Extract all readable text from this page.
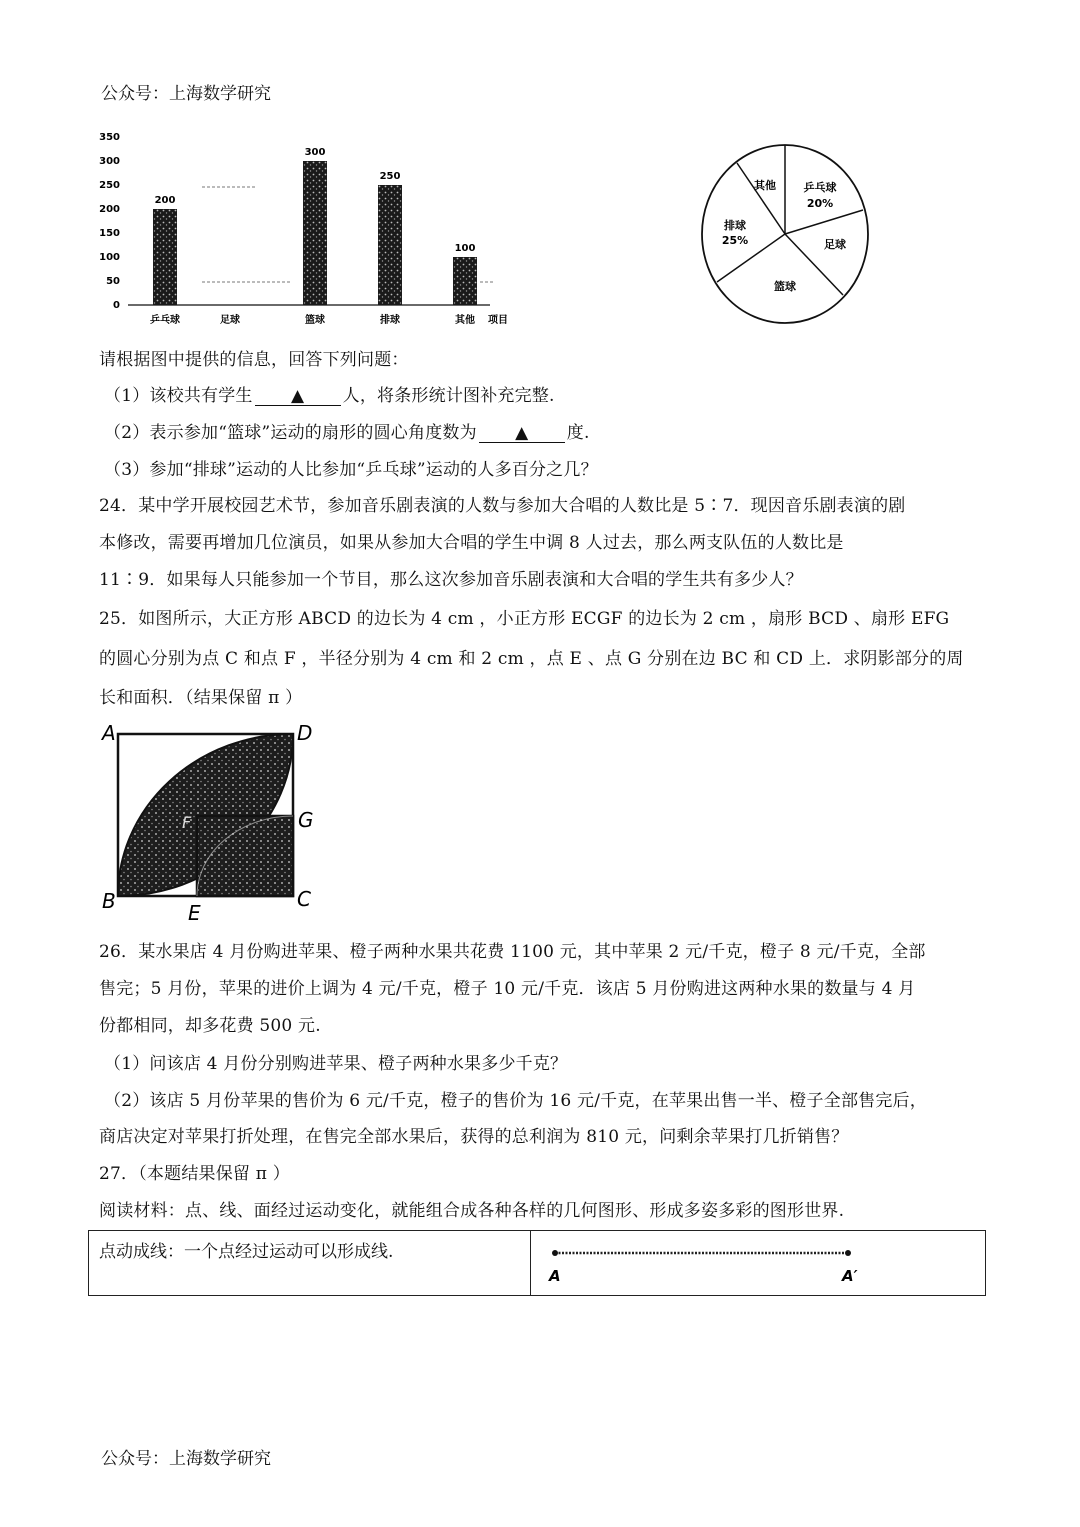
公众号：上海数学研究
0
50
100
150
200
250
300
350
200
乒乓球	足球
300
篮球
250
排球
100
其他 项目
其他	乒乓球
20%
排球
25%	足球
篮球
请根据图中提供的信息，回答下列问题：
（1）该校共有学生 ▲ 人，将条形统计图补充完整.
（2）表示参加“篮球”运动的扇形的圆心角度数为 ▲ 度.
（3）参加“排球”运动的人比参加“乒乓球”运动的人多百分之几？
24．某中学开展校园艺术节，参加音乐剧表演的人数与参加大合唱的人数比是 5∶7．现因音乐剧表演的剧
本修改，需要再增加几位演员，如果从参加大合唱的学生中调 8 人过去，那么两支队伍的人数比是
11∶9．如果每人只能参加一个节目，那么这次参加音乐剧表演和大合唱的学生共有多少人？
25．如图所示，大正方形 ABCD 的边长为 4 cm ，小正方形 ECGF 的边长为 2 cm ，扇形 BCD 、扇形 EFG
的圆心分别为点 C 和点 F ，半径分别为 4 cm 和 2 cm ，点 E 、点 G 分别在边 BC 和 CD 上．求阴影部分的周
长和面积．（结果保留 π ）
A	D
G
F
B	C
E
26．某水果店 4 月份购进苹果、橙子两种水果共花费 1100 元，其中苹果 2 元/千克，橙子 8 元/千克，全部
售完；5 月份，苹果的进价上调为 4 元/千克，橙子 10 元/千克．该店 5 月份购进这两种水果的数量与 4 月
份都相同，却多花费 500 元.
（1）问该店 4 月份分别购进苹果、橙子两种水果多少千克？
（2）该店 5 月份苹果的售价为 6 元/千克，橙子的售价为 16 元/千克，在苹果出售一半、橙子全部售完后，
商店决定对苹果打折处理，在售完全部水果后，获得的总利润为 810 元，问剩余苹果打几折销售？
27．（本题结果保留 π ）
阅读材料：点、线、面经过运动变化，就能组合成各种各样的几何图形、形成多姿多彩的图形世界.
点动成线：一个点经过运动可以形成线.
A	A′
公众号：上海数学研究
